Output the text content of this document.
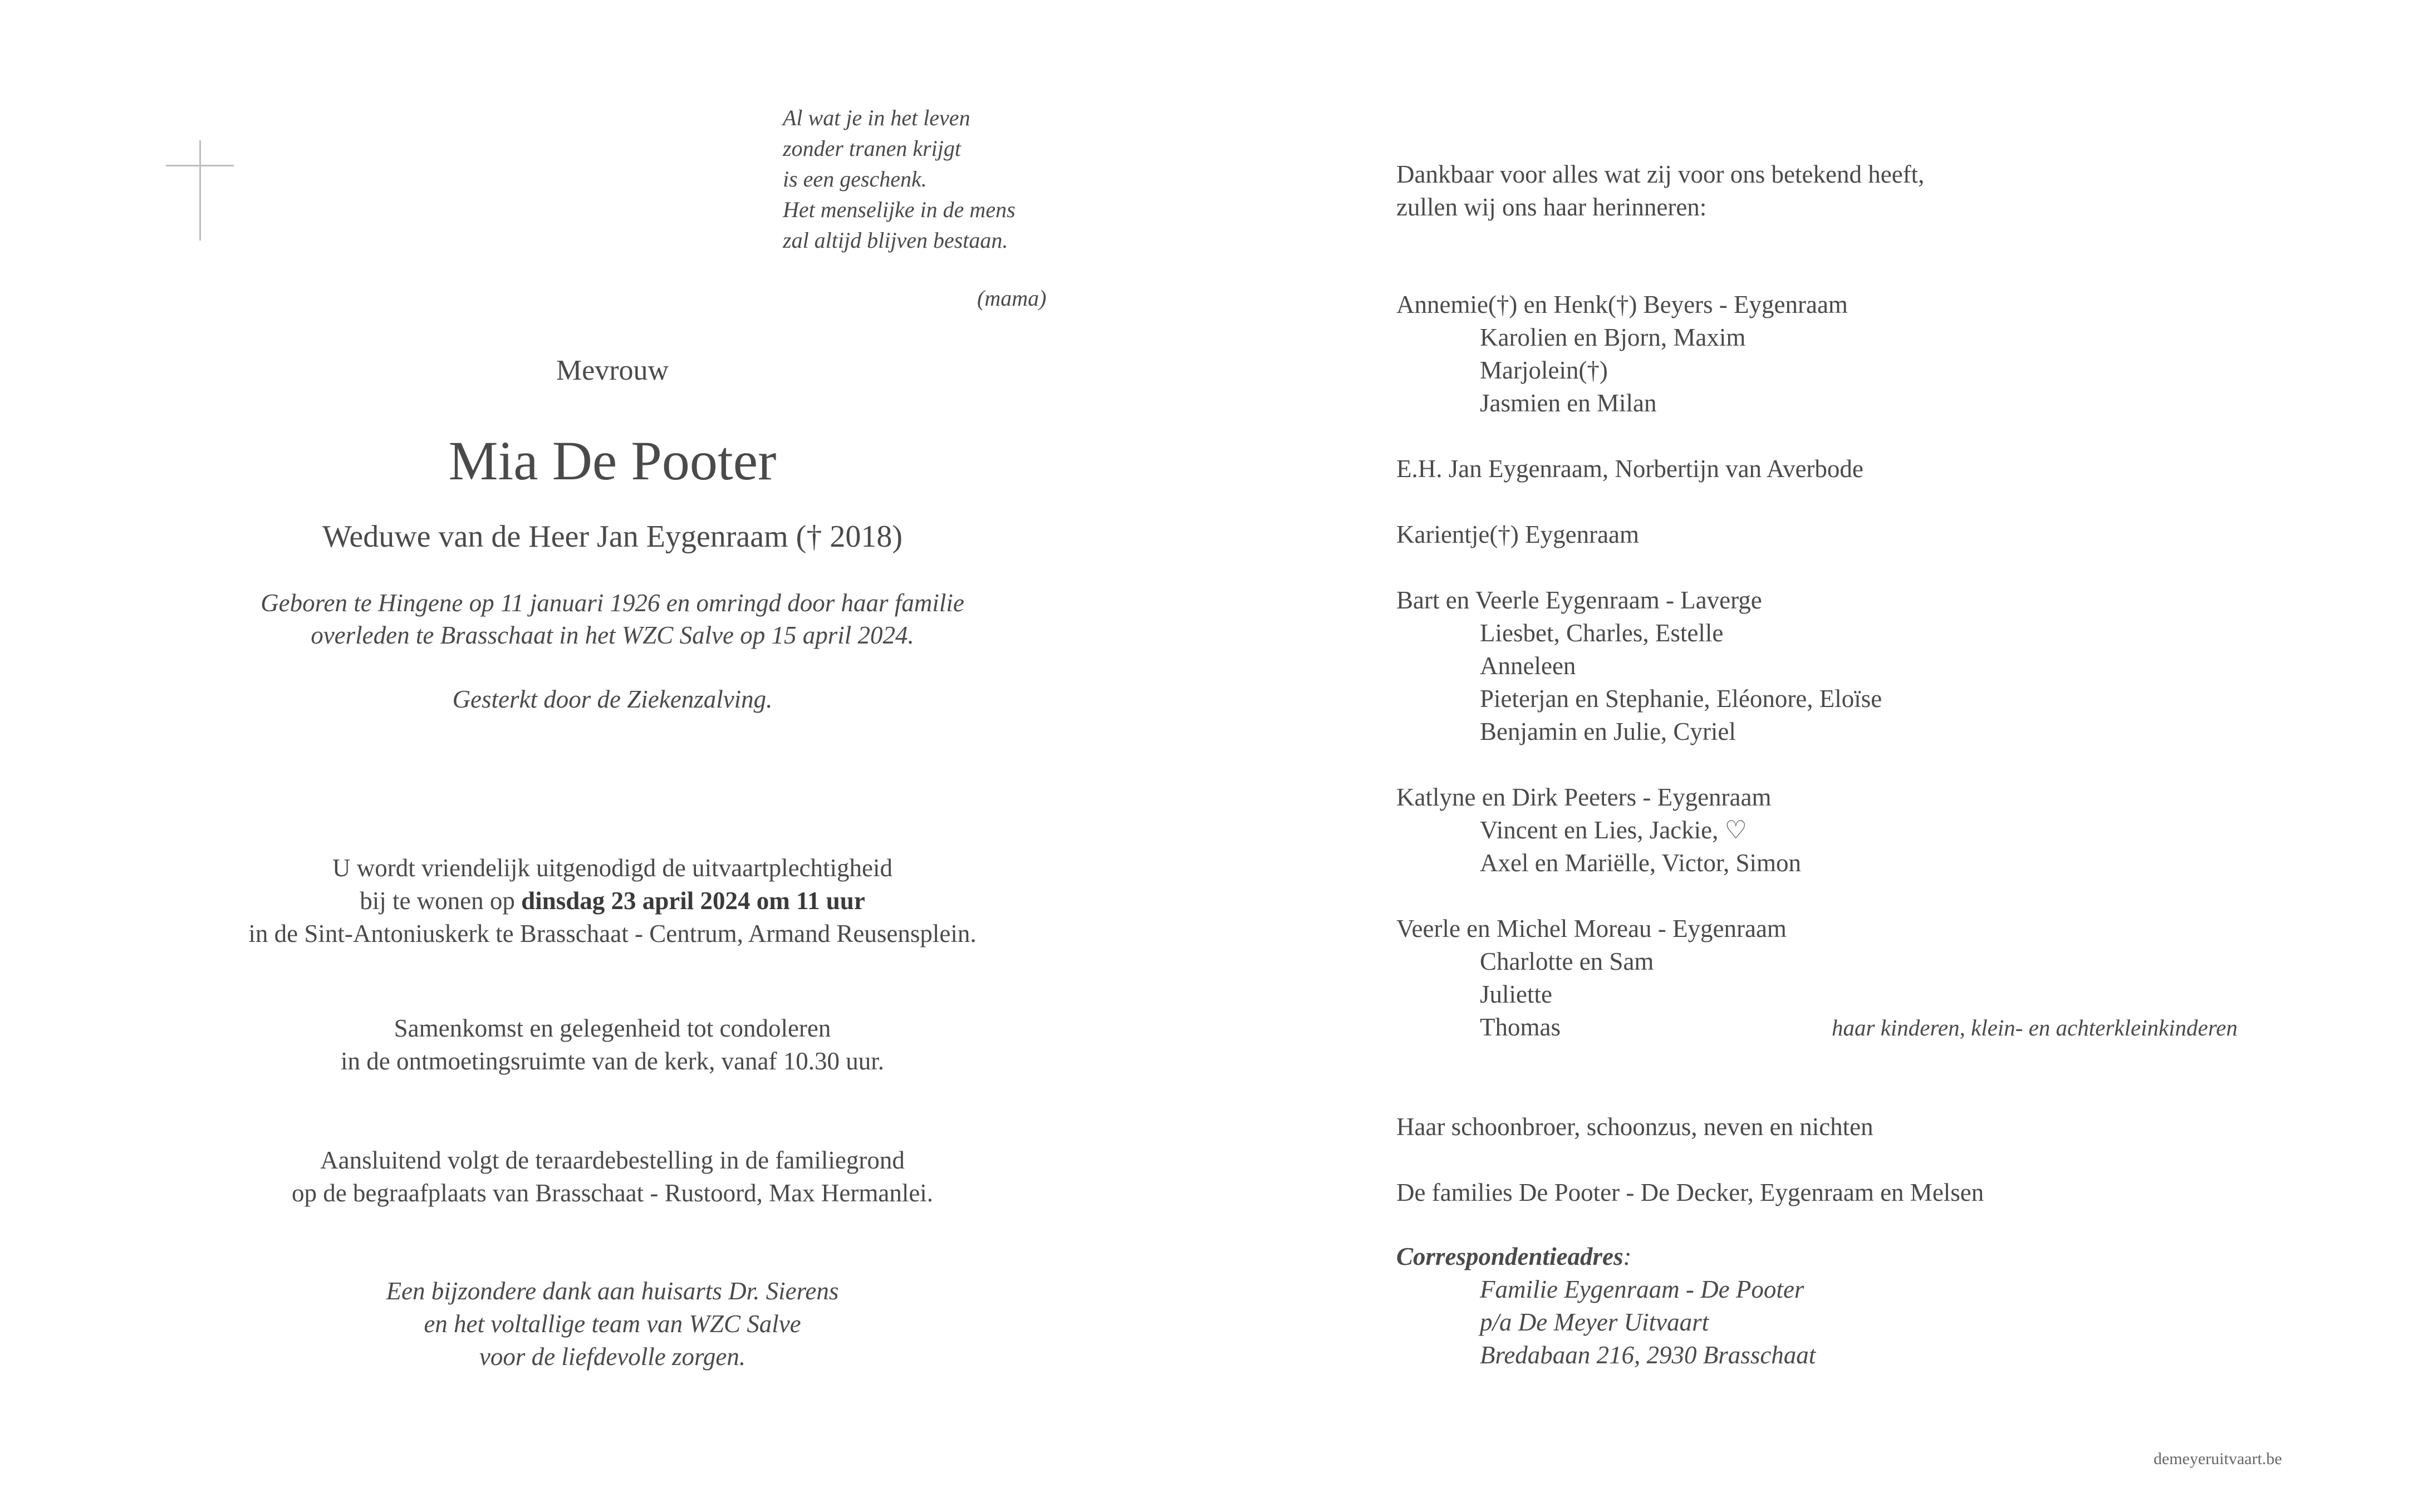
Al wat je in het leven
zonder tranen krijgt
is een geschenk.
Het menselijke in de mens
zal altijd blijven bestaan.
(mama)
Mevrouw
Mia De Pooter
Weduwe van de Heer Jan Eygenraam († 2018)
Geboren te Hingene op 11 januari 1926 en omringd door haar familie
overleden te Brasschaat in het WZC Salve op 15 april 2024.
Gesterkt door de Ziekenzalving.
U wordt vriendelijk uitgenodigd de uitvaartplechtigheid
bij te wonen op dinsdag 23 april 2024 om 11 uur
in de Sint-Antoniuskerk te Brasschaat - Centrum, Armand Reusensplein.
Samenkomst en gelegenheid tot condoleren
in de ontmoetingsruimte van de kerk, vanaf 10.30 uur.
Aansluitend volgt de teraardebestelling in de familiegrond
op de begraafplaats van Brasschaat - Rustoord, Max Hermanlei.
Een bijzondere dank aan huisarts Dr. Sierens
en het voltallige team van WZC Salve
voor de liefdevolle zorgen.
Dankbaar voor alles wat zij voor ons betekend heeft,
zullen wij ons haar herinneren:
Annemie(†) en Henk(†) Beyers - Eygenraam
Karolien en Bjorn, Maxim
Marjolein(†)
Jasmien en Milan
E.H. Jan Eygenraam, Norbertijn van Averbode
Karientje(†) Eygenraam
Bart en Veerle Eygenraam - Laverge
Liesbet, Charles, Estelle
Anneleen
Pieterjan en Stephanie, Eléonore, Eloïse
Benjamin en Julie, Cyriel
Katlyne en Dirk Peeters - Eygenraam
Vincent en Lies, Jackie, ♡
Axel en Mariëlle, Victor, Simon
Veerle en Michel Moreau - Eygenraam
Charlotte en Sam
Juliette
Thomas	haar kinderen, klein- en achterkleinkinderen
Haar schoonbroer, schoonzus, neven en nichten
De families De Pooter - De Decker, Eygenraam en Melsen
Correspondentieadres:
Familie Eygenraam - De Pooter
p/a De Meyer Uitvaart
Bredabaan 216, 2930 Brasschaat
demeyeruitvaart.be
